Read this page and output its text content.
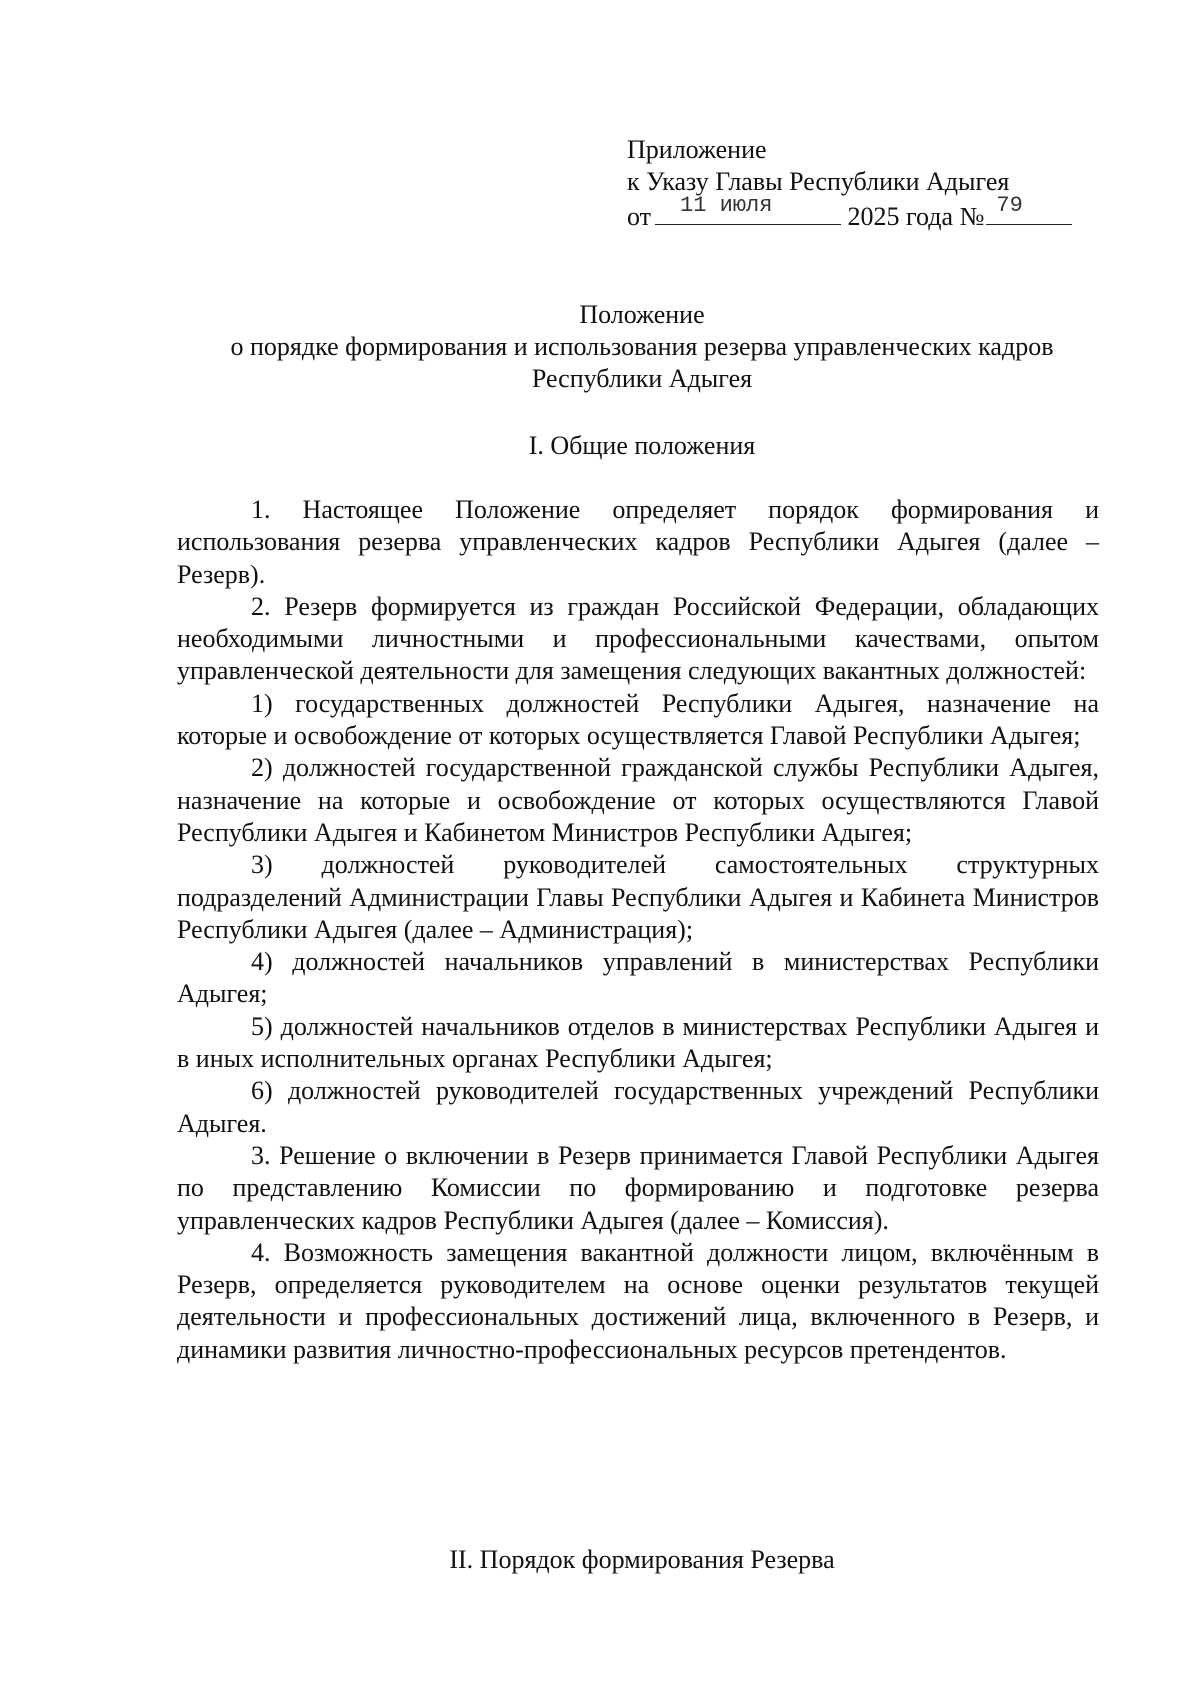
Приложение
к Указу Главы Республики Адыгея
от 11 июля	2025 года № 79
Положение
о порядке формирования и использования резерва управленческих кадров
Республики Адыгея
I. Общие положения

1. Настоящее Положение определяет порядок формирования и использования резерва управленческих кадров Республики Адыгея (далее – Резерв).

2. Резерв формируется из граждан Российской Федерации, обладающих необходимыми личностными и профессиональными качествами, опытом управленческой деятельности для замещения следующих вакантных должностей:

1) государственных должностей Республики Адыгея, назначение на которые и освобождение от которых осуществляется Главой Республики Адыгея;

2) должностей государственной гражданской службы Республики Адыгея, назначение на которые и освобождение от которых осуществляются Главой Республики Адыгея и Кабинетом Министров Республики Адыгея;

3) должностей руководителей самостоятельных структурных подразделений Администрации Главы Республики Адыгея и Кабинета Министров Республики Адыгея (далее – Администрация);

4) должностей начальников управлений в министерствах Республики Адыгея;

5) должностей начальников отделов в министерствах Республики Адыгея и в иных исполнительных органах Республики Адыгея;

6) должностей руководителей государственных учреждений Республики Адыгея.

3. Решение о включении в Резерв принимается Главой Республики Адыгея по представлению Комиссии по формированию и подготовке резерва управленческих кадров Республики Адыгея (далее – Комиссия).

4. Возможность замещения вакантной должности лицом, включённым в Резерв, определяется руководителем на основе оценки результатов текущей деятельности и профессиональных достижений лица, включенного в Резерв, и динамики развития личностно-профессиональных ресурсов претендентов.

II. Порядок формирования Резерва
